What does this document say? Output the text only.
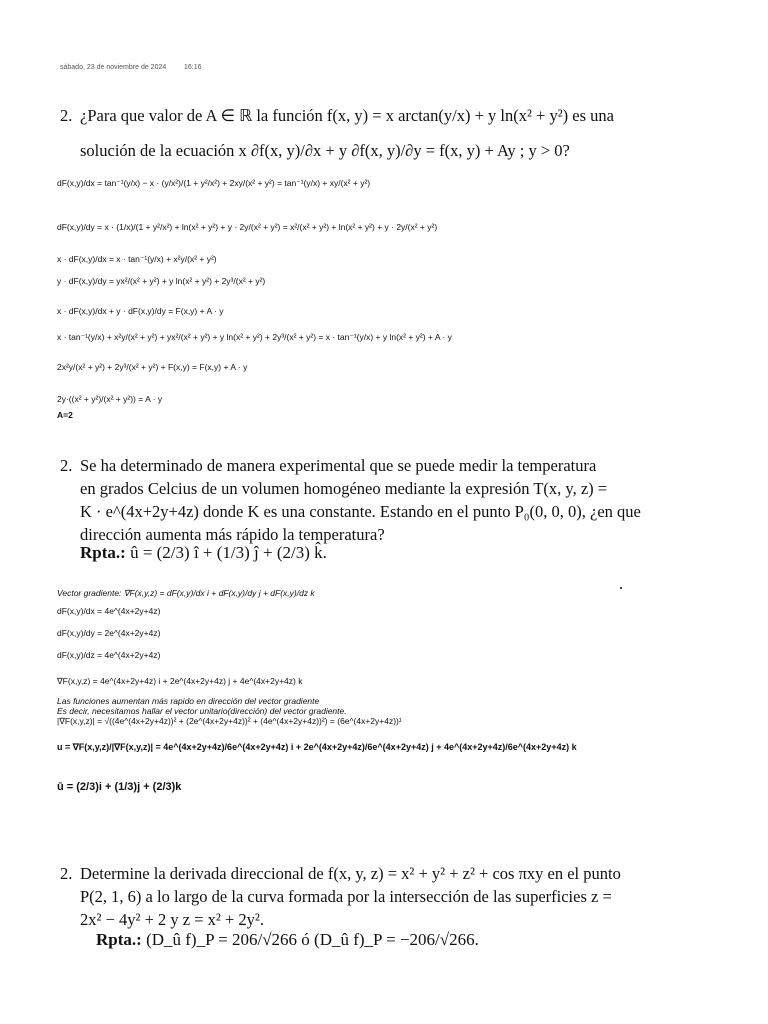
sábado, 23 de noviembre de 2024	16:16
2. ¿Para que valor de A ∈ ℝ la función f(x, y) = x arctan(y/x) + y ln(x² + y²) es una
solución de la ecuación x ∂f(x, y)/∂x + y ∂f(x, y)/∂y = f(x, y) + Ay ; y > 0?
dF(x,y)/dx = tan⁻¹(y/x) − x · (y/x²)/(1 + y²/x²) + 2xy/(x² + y²) = tan⁻¹(y/x) + xy/(x² + y²)
dF(x,y)/dy = x · (1/x)/(1 + y²/x²) + ln(x² + y²) + y · 2y/(x² + y²) = x²/(x² + y²) + ln(x² + y²) + y · 2y/(x² + y²)
x · dF(x,y)/dx = x · tan⁻¹(y/x) + x²y/(x² + y²)
y · dF(x,y)/dy = yx²/(x² + y²) + y ln(x² + y²) + 2y³/(x² + y²)
x · dF(x,y)/dx + y · dF(x,y)/dy = F(x,y) + A · y
x · tan⁻¹(y/x) + x²y/(x² + y²) + yx²/(x² + y²) + y ln(x² + y²) + 2y³/(x² + y²) = x · tan⁻¹(y/x) + y ln(x² + y²) + A · y
2x²y/(x² + y²) + 2y³/(x² + y²) + F(x,y) = F(x,y) + A · y
2y·((x² + y²)/(x² + y²)) = A · y
A=2
2. Se ha determinado de manera experimental que se puede medir la temperatura
en grados Celcius de un volumen homogéneo mediante la expresión T(x, y, z) =
K · e^(4x+2y+4z) donde K es una constante. Estando en el punto P₀(0, 0, 0), ¿en que
dirección aumenta más rápido la temperatura?
Rpta.: û = (2/3) î + (1/3) ĵ + (2/3) k̂.
Vector gradiente: ∇F(x,y,z) = dF(x,y)/dx i + dF(x,y)/dy j + dF(x,y)/dz k
dF(x,y)/dx = 4e^(4x+2y+4z)
dF(x,y)/dy = 2e^(4x+2y+4z)
dF(x,y)/dz = 4e^(4x+2y+4z)
∇F(x,y,z) = 4e^(4x+2y+4z) i + 2e^(4x+2y+4z) j + 4e^(4x+2y+4z) k
Las funciones aumentan más rapido en dirección del vector gradiente
Es decir, necesitamos hallar el vector unitario(dirección) del vector gradiente.
|∇F(x,y,z)| = √((4e^(4x+2y+4z))² + (2e^(4x+2y+4z))² + (4e^(4x+2y+4z))²) = (6e^(4x+2y+4z))¹
u = ∇F(x,y,z)/|∇F(x,y,z)| = 4e^(4x+2y+4z)/6e^(4x+2y+4z) i + 2e^(4x+2y+4z)/6e^(4x+2y+4z) j + 4e^(4x+2y+4z)/6e^(4x+2y+4z) k
ū = (2/3)i + (1/3)j + (2/3)k
2. Determine la derivada direccional de f(x, y, z) = x² + y² + z² + cos πxy en el punto
P(2, 1, 6) a lo largo de la curva formada por la intersección de las superficies z =
2x² − 4y² + 2 y z = x² + 2y².
Rpta.: (D_û f)_P = 206/√266 ó (D_û f)_P = −206/√266.
